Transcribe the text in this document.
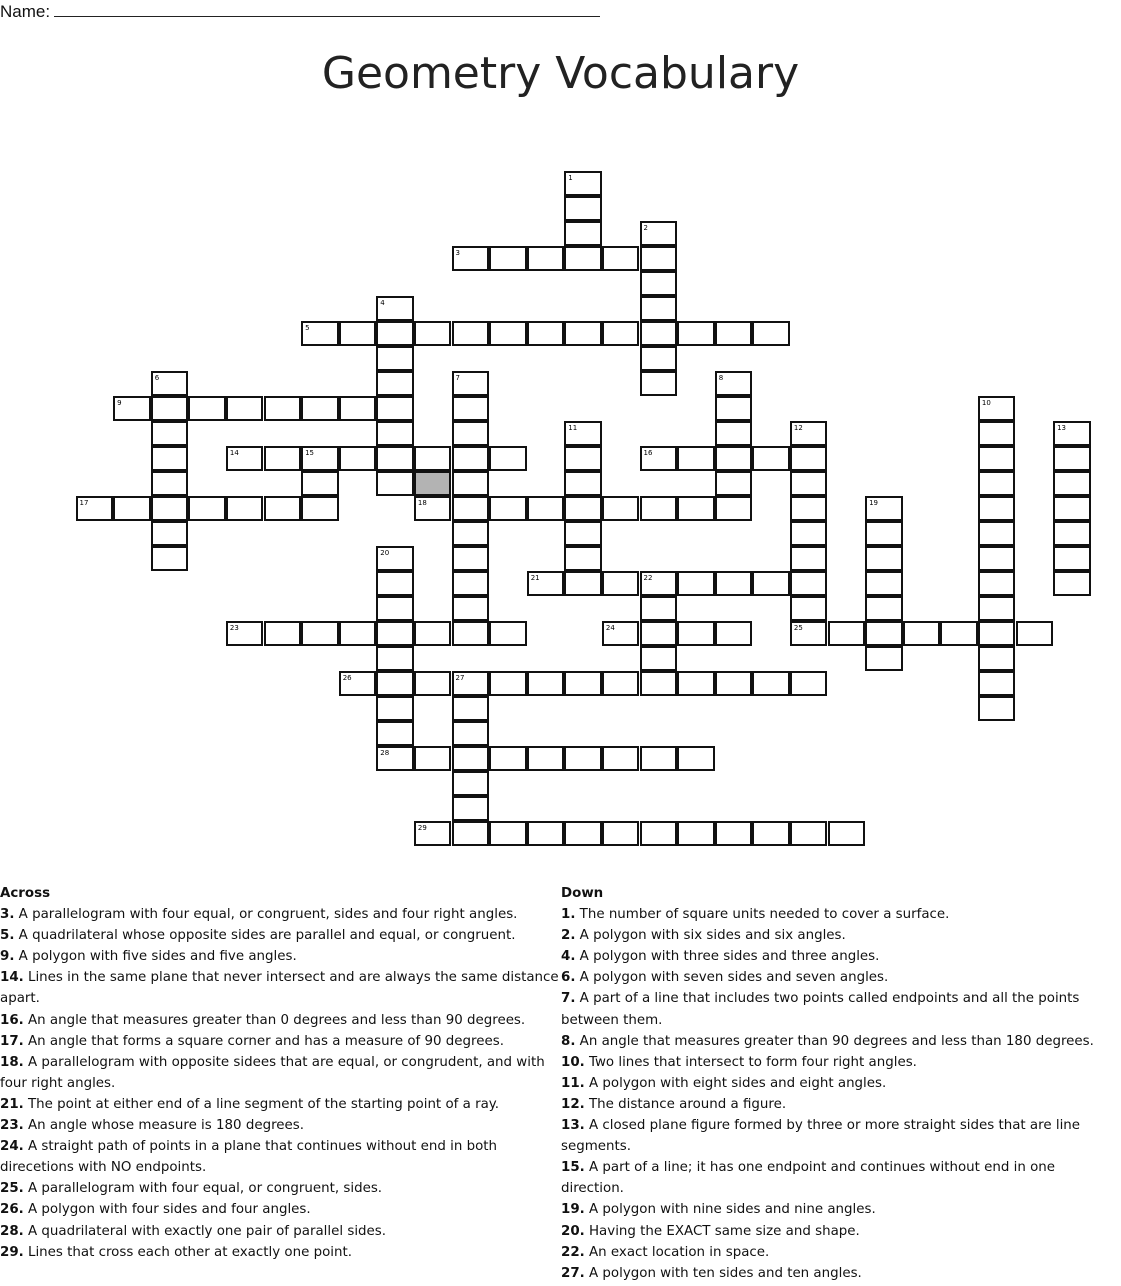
Name:
Geometry Vocabulary
1
2
3
4
5
6	7	8
9	10
11	12
25
13
14	15	16
17	18	19
20
21	22
23	24
26	27
28
29
Across
3. A parallelogram with four equal, or congruent, sides and four right angles.
5. A quadrilateral whose opposite sides are parallel and equal, or congruent.
9. A polygon with five sides and five angles.
14. Lines in the same plane that never intersect and are always the same distance apart.
16. An angle that measures greater than 0 degrees and less than 90 degrees.
17. An angle that forms a square corner and has a measure of 90 degrees.
18. A parallelogram with opposite sidees that are equal, or congrudent, and with four right angles.
21. The point at either end of a line segment of the starting point of a ray.
23. An angle whose measure is 180 degrees.
24. A straight path of points in a plane that continues without end in both direcetions with NO endpoints.
25. A parallelogram with four equal, or congruent, sides.
26. A polygon with four sides and four angles.
28. A quadrilateral with exactly one pair of parallel sides.
29. Lines that cross each other at exactly one point.
Down
1. The number of square units needed to cover a surface.
2. A polygon with six sides and six angles.
4. A polygon with three sides and three angles.
6. A polygon with seven sides and seven angles.
7. A part of a line that includes two points called endpoints and all the points between them.
8. An angle that measures greater than 90 degrees and less than 180 degrees.
10. Two lines that intersect to form four right angles.
11. A polygon with eight sides and eight angles.
12. The distance around a figure.
13. A closed plane figure formed by three or more straight sides that are line segments.
15. A part of a line; it has one endpoint and continues without end in one direction.
19. A polygon with nine sides and nine angles.
20. Having the EXACT same size and shape.
22. An exact location in space.
27. A polygon with ten sides and ten angles.
